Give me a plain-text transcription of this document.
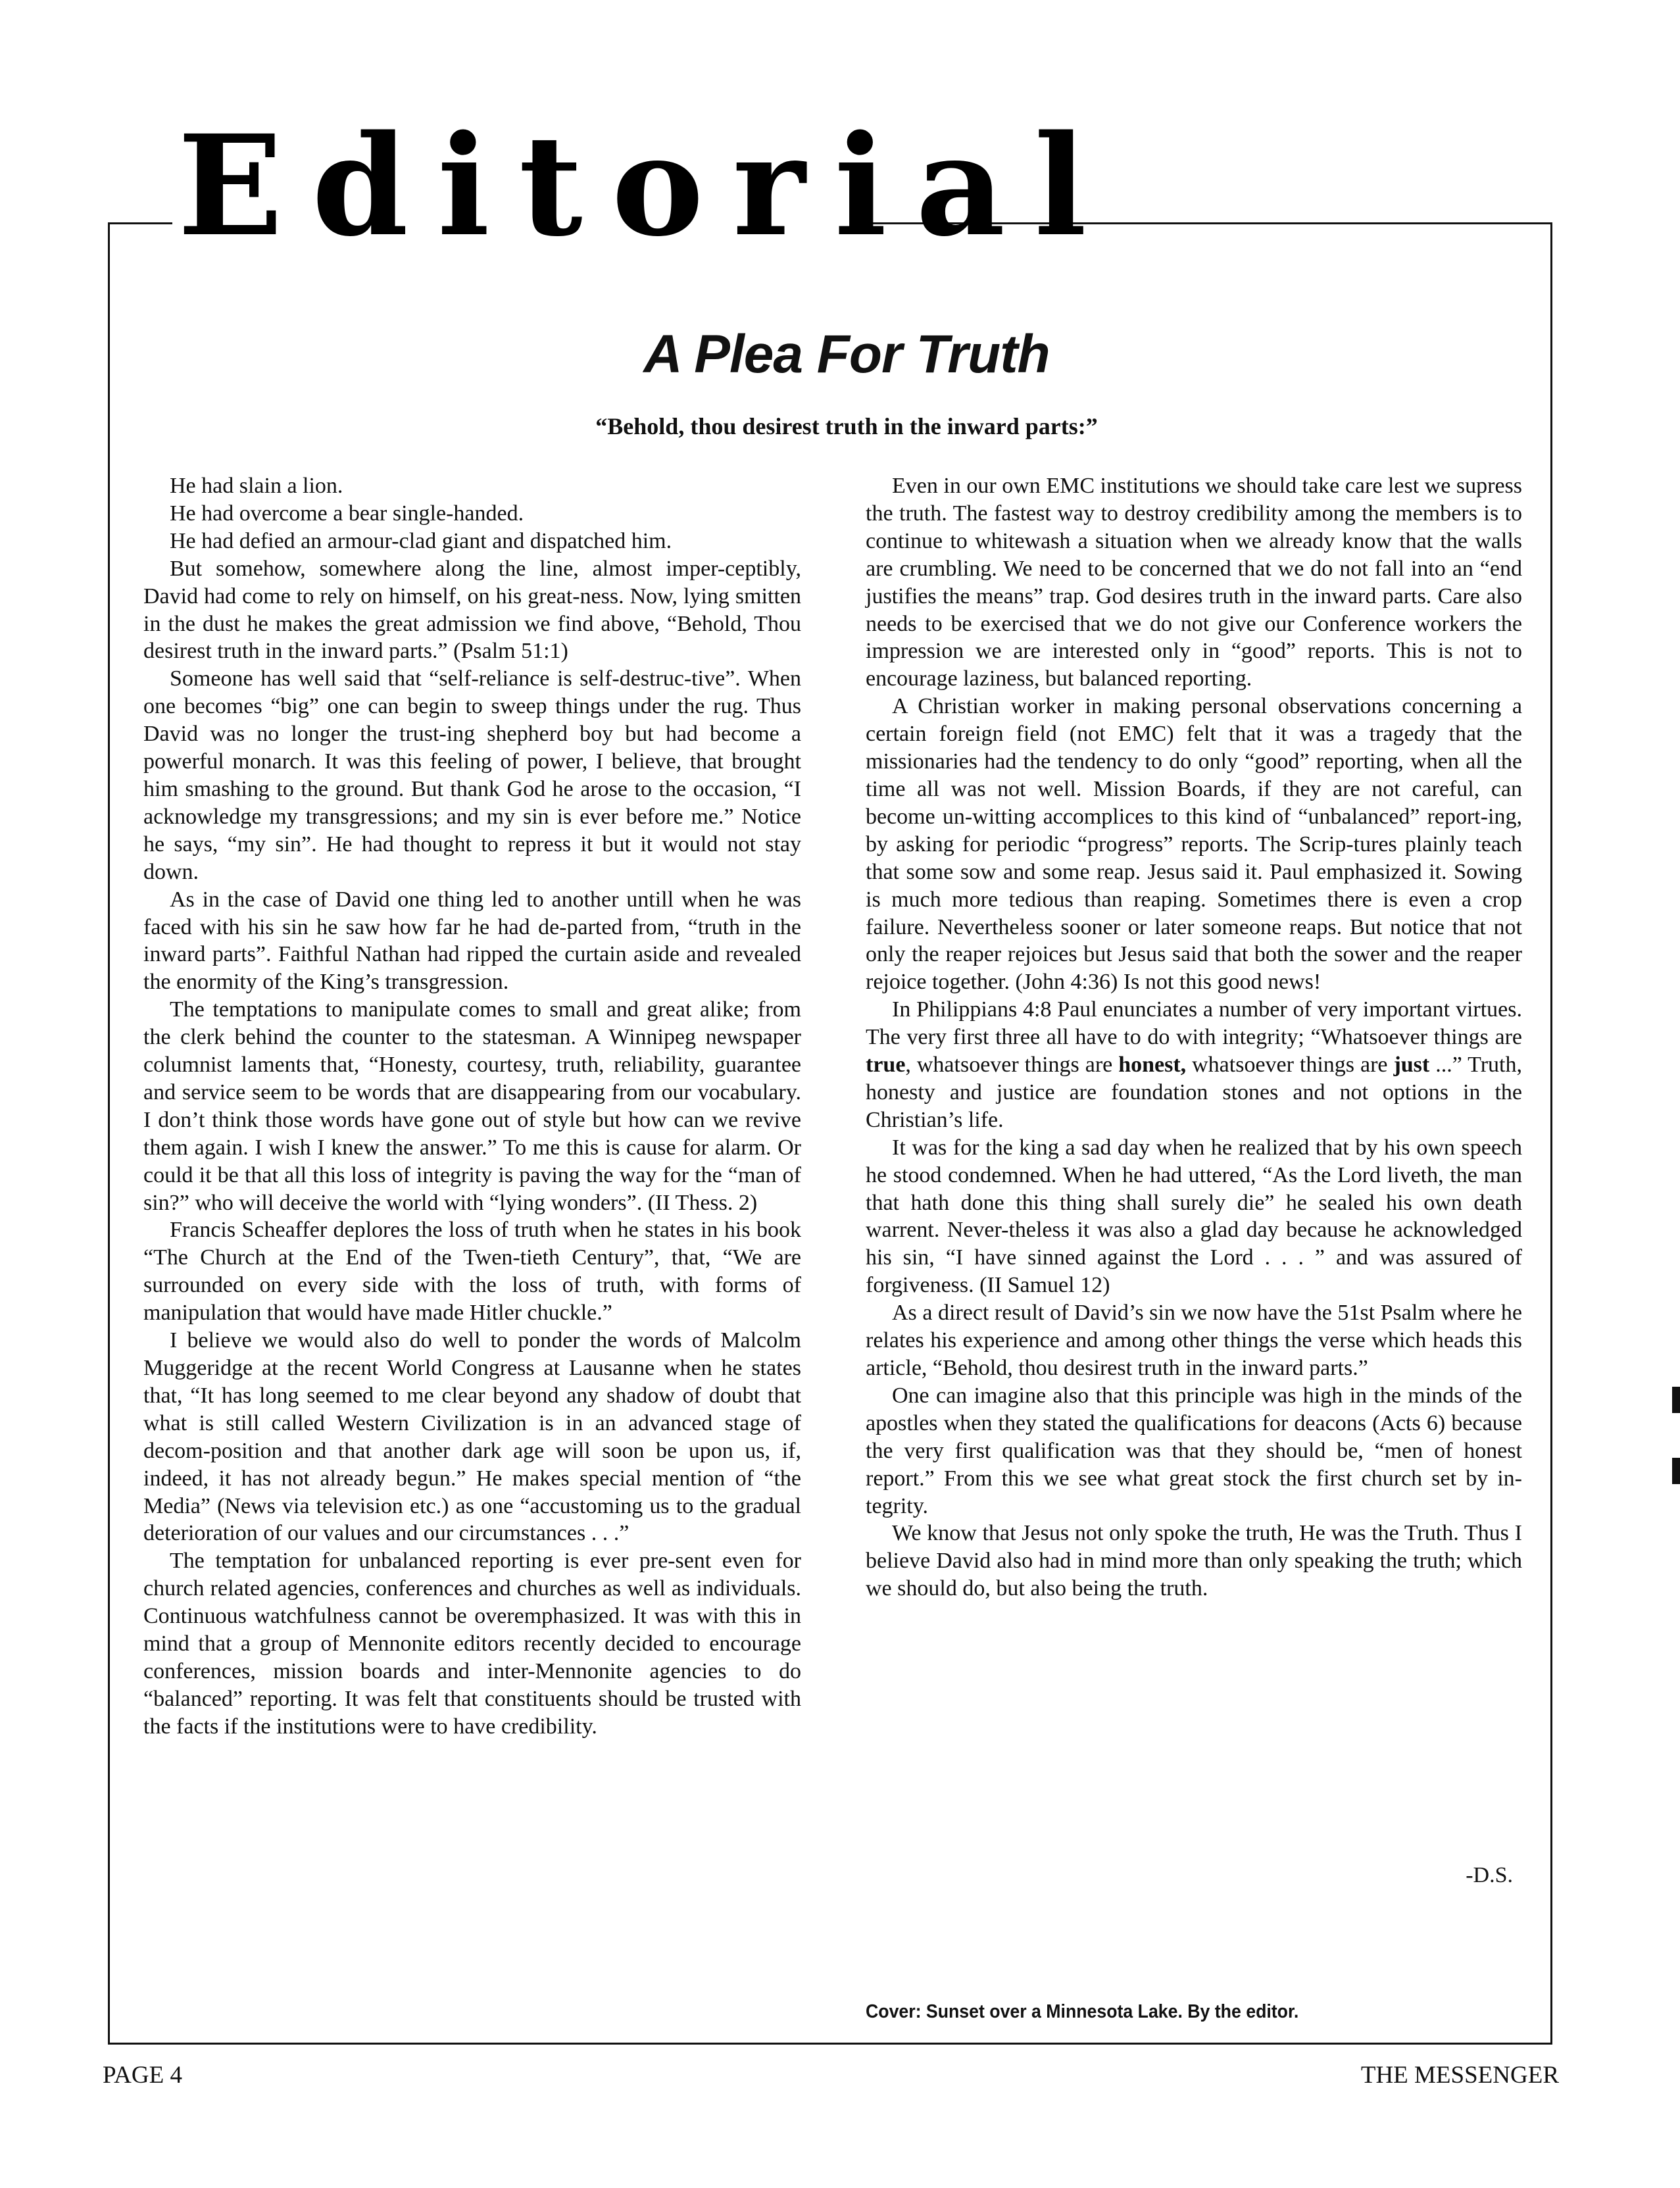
Editorial
A Plea For Truth
“Behold, thou desirest truth in the inward parts:”

He had slain a lion.

He had overcome a bear single-handed.

He had defied an armour-clad giant and dispatched him.

But somehow, somewhere along the line, almost imper-ceptibly, David had come to rely on himself, on his great-ness. Now, lying smitten in the dust he makes the great admission we find above, “Behold, Thou desirest truth in the inward parts.” (Psalm 51:1)

Someone has well said that “self-reliance is self-destruc-tive”. When one becomes “big” one can begin to sweep things under the rug. Thus David was no longer the trust-ing shepherd boy but had become a powerful monarch. It was this feeling of power, I believe, that brought him smashing to the ground. But thank God he arose to the occasion, “I acknowledge my transgressions; and my sin is ever before me.” Notice he says, “my sin”. He had thought to repress it but it would not stay down.

As in the case of David one thing led to another untill when he was faced with his sin he saw how far he had de-parted from, “truth in the inward parts”. Faithful Nathan had ripped the curtain aside and revealed the enormity of the King’s transgression.

The temptations to manipulate comes to small and great alike; from the clerk behind the counter to the statesman. A Winnipeg newspaper columnist laments that, “Honesty, courtesy, truth, reliability, guarantee and service seem to be words that are disappearing from our vocabulary. I don’t think those words have gone out of style but how can we revive them again. I wish I knew the answer.” To me this is cause for alarm. Or could it be that all this loss of integrity is paving the way for the “man of sin?” who will deceive the world with “lying wonders”. (II Thess. 2)

Francis Scheaffer deplores the loss of truth when he states in his book “The Church at the End of the Twen-tieth Century”, that, “We are surrounded on every side with the loss of truth, with forms of manipulation that would have made Hitler chuckle.”

I believe we would also do well to ponder the words of Malcolm Muggeridge at the recent World Congress at Lausanne when he states that, “It has long seemed to me clear beyond any shadow of doubt that what is still called Western Civilization is in an advanced stage of decom-position and that another dark age will soon be upon us, if, indeed, it has not already begun.” He makes special mention of “the Media” (News via television etc.) as one “accustoming us to the gradual deterioration of our values and our circumstances . . .”

The temptation for unbalanced reporting is ever pre-sent even for church related agencies, conferences and churches as well as individuals. Continuous watchfulness cannot be overemphasized. It was with this in mind that a group of Mennonite editors recently decided to encourage conferences, mission boards and inter-Mennonite agencies to do “balanced” reporting. It was felt that constituents should be trusted with the facts if the institutions were to have credibility.

Even in our own EMC institutions we should take care lest we supress the truth. The fastest way to destroy credibility among the members is to continue to whitewash a situation when we already know that the walls are crumbling. We need to be concerned that we do not fall into an “end justifies the means” trap. God desires truth in the inward parts. Care also needs to be exercised that we do not give our Conference workers the impression we are interested only in “good” reports. This is not to encourage laziness, but balanced reporting.

A Christian worker in making personal observations concerning a certain foreign field (not EMC) felt that it was a tragedy that the missionaries had the tendency to do only “good” reporting, when all the time all was not well. Mission Boards, if they are not careful, can become un-witting accomplices to this kind of “unbalanced” report-ing, by asking for periodic “progress” reports. The Scrip-tures plainly teach that some sow and some reap. Jesus said it. Paul emphasized it. Sowing is much more tedious than reaping. Sometimes there is even a crop failure. Nevertheless sooner or later someone reaps. But notice that not only the reaper rejoices but Jesus said that both the sower and the reaper rejoice together. (John 4:36) Is not this good news!

In Philippians 4:8 Paul enunciates a number of very important virtues. The very first three all have to do with integrity; “Whatsoever things are true, whatsoever things are honest, whatsoever things are just ...” Truth, honesty and justice are foundation stones and not options in the Christian’s life.

It was for the king a sad day when he realized that by his own speech he stood condemned. When he had uttered, “As the Lord liveth, the man that hath done this thing shall surely die” he sealed his own death warrent. Never-theless it was also a glad day because he acknowledged his sin, “I have sinned against the Lord . . . ” and was assured of forgiveness. (II Samuel 12)

As a direct result of David’s sin we now have the 51st Psalm where he relates his experience and among other things the verse which heads this article, “Behold, thou desirest truth in the inward parts.”

One can imagine also that this principle was high in the minds of the apostles when they stated the qualifications for deacons (Acts 6) because the very first qualification was that they should be, “men of honest report.” From this we see what great stock the first church set by in-tegrity.

We know that Jesus not only spoke the truth, He was the Truth. Thus I believe David also had in mind more than only speaking the truth; which we should do, but also being the truth.

-D.S.
Cover: Sunset over a Minnesota Lake. By the editor.
PAGE 4	THE MESSENGER
